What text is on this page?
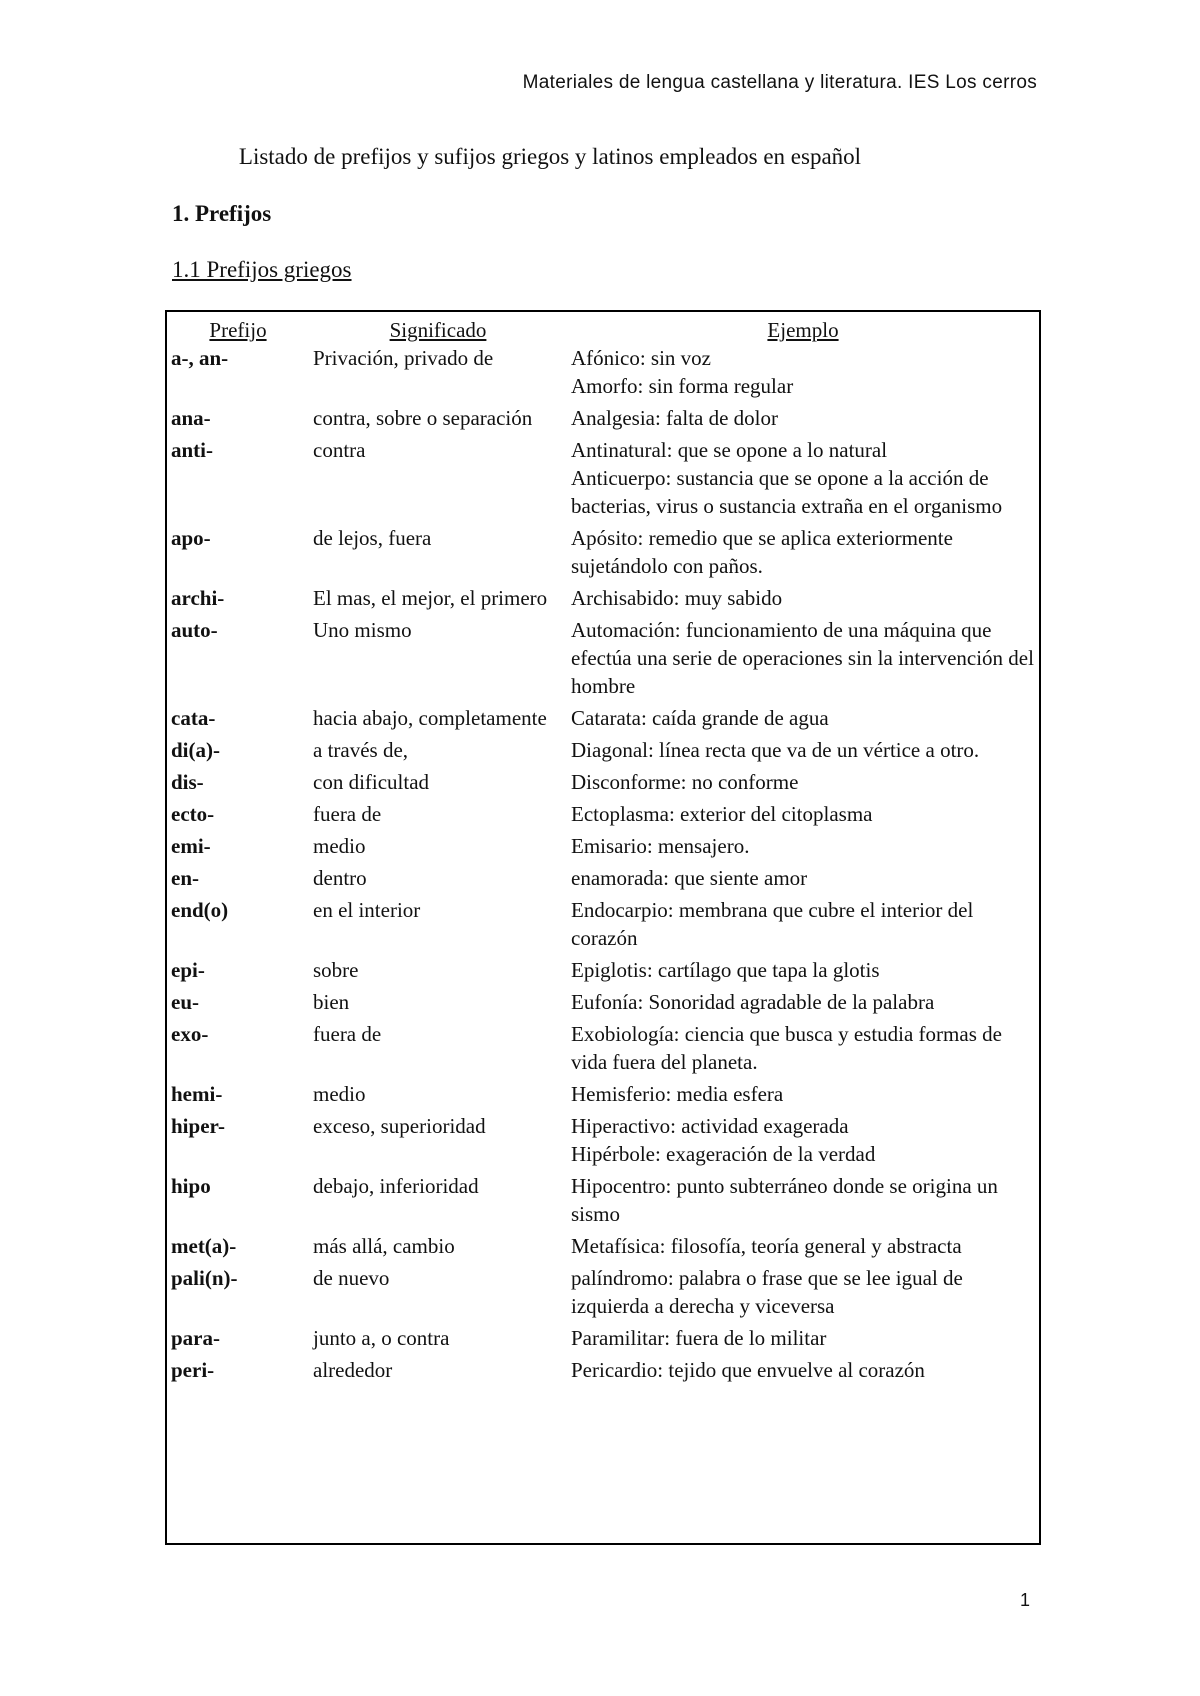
Materiales de lengua castellana y literatura. IES Los cerros
Listado de prefijos y sufijos griegos y latinos empleados en español
1. Prefijos
1.1 Prefijos griegos
Prefijo	Significado	Ejemplo
a-, an-	Privación, privado de	Afónico: sin voz
Amorfo: sin forma regular

ana-	contra, sobre o separación	Analgesia: falta de dolor

anti-	contra	Antinatural: que se opone a lo natural
Anticuerpo: sustancia que se opone a la acción de bacterias, virus o sustancia extraña en el organismo

apo-	de lejos, fuera	Apósito: remedio que se aplica exteriormente sujetándolo con paños.

archi-	El mas, el mejor, el primero	Archisabido: muy sabido

auto-	Uno mismo	Automación: funcionamiento de una máquina que efectúa una serie de operaciones sin la intervención del hombre

cata-	hacia abajo, completamente	Catarata: caída grande de agua

di(a)-	a través de,	Diagonal: línea recta que va de un vértice a otro.

dis-	con dificultad	Disconforme: no conforme

ecto-	fuera de	Ectoplasma: exterior del citoplasma

emi-	medio	Emisario: mensajero.

en-	dentro	enamorada: que siente amor

end(o)	en el interior	Endocarpio: membrana que cubre el interior del corazón

epi-	sobre	Epiglotis: cartílago que tapa la glotis

eu-	bien	Eufonía: Sonoridad agradable de la palabra

exo-	fuera de	Exobiología: ciencia que busca y estudia formas de vida fuera del planeta.

hemi-	medio	Hemisferio: media esfera

hiper-	exceso, superioridad	Hiperactivo: actividad exagerada
Hipérbole: exageración de la verdad

hipo	debajo, inferioridad	Hipocentro: punto subterráneo donde se origina un sismo

met(a)-	más allá, cambio	Metafísica: filosofía, teoría general y abstracta

pali(n)-	de nuevo	palíndromo: palabra o frase que se lee igual de izquierda a derecha y viceversa

para-	junto a, o contra	Paramilitar: fuera de lo militar

peri-	alrededor	Pericardio: tejido que envuelve al corazón
1
